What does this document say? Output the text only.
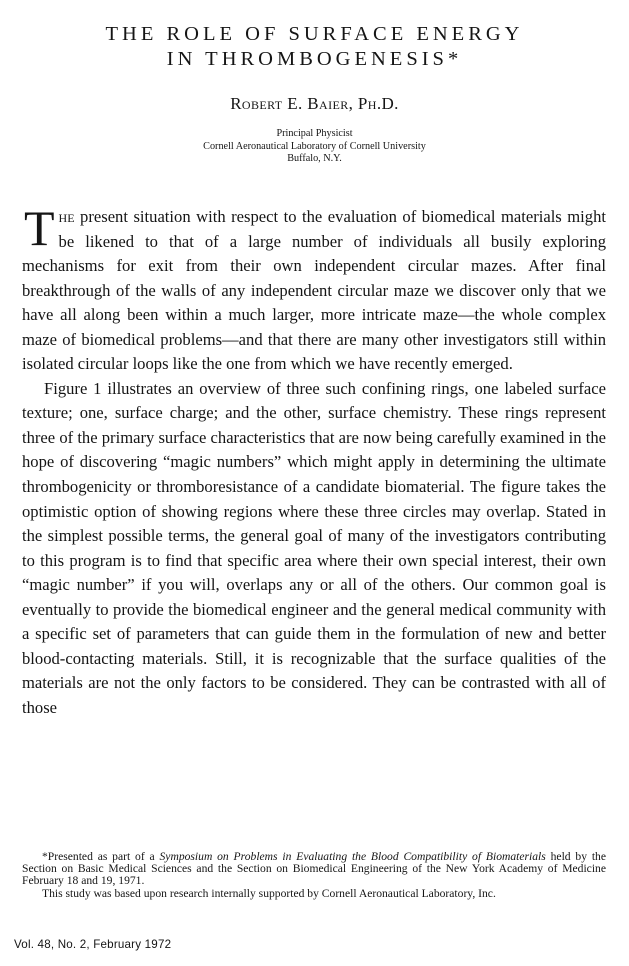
THE ROLE OF SURFACE ENERGY
IN THROMBOGENESIS*
Robert E. Baier, Ph.D.
Principal Physicist
Cornell Aeronautical Laboratory of Cornell University
Buffalo, N.Y.

The present situation with respect to the evaluation of biomedical materials might be likened to that of a large number of individuals all busily exploring mechanisms for exit from their own independent circular mazes. After final breakthrough of the walls of any independent circular maze we discover only that we have all along been within a much larger, more intricate maze—the whole complex maze of biomedical problems—and that there are many other investigators still within isolated circular loops like the one from which we have recently emerged.

Figure 1 illustrates an overview of three such confining rings, one labeled surface texture; one, surface charge; and the other, surface chemistry. These rings represent three of the primary surface characteristics that are now being carefully examined in the hope of discovering “magic numbers” which might apply in determining the ultimate thrombogenicity or thromboresistance of a candidate biomaterial. The figure takes the optimistic option of showing regions where these three circles may overlap. Stated in the simplest possible terms, the general goal of many of the investigators contributing to this program is to find that specific area where their own special interest, their own “magic number” if you will, overlaps any or all of the others. Our common goal is eventually to provide the biomedical engineer and the general medical community with a specific set of parameters that can guide them in the formulation of new and better blood-contacting materials. Still, it is recognizable that the surface qualities of the materials are not the only factors to be considered. They can be contrasted with all of those

*Presented as part of a Symposium on Problems in Evaluating the Blood Compatibility of Biomaterials held by the Section on Basic Medical Sciences and the Section on Biomedical Engineering of the New York Academy of Medicine February 18 and 19, 1971.

This study was based upon research internally supported by Cornell Aeronautical Laboratory, Inc.

Vol. 48, No. 2, February 1972
